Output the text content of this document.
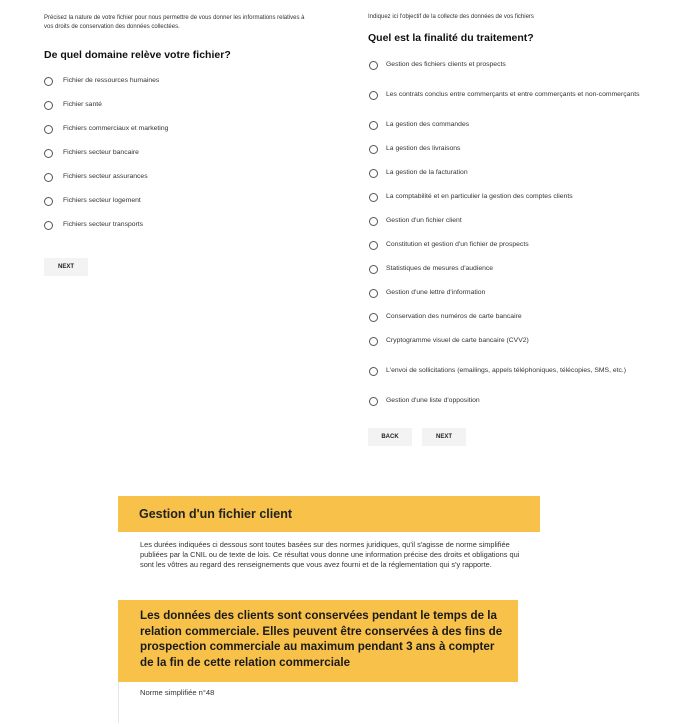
Précisez la nature de votre fichier pour nous permettre de vous donner les informations relatives à vos droits de conservation des données collectées.

De quel domaine relève votre fichier?
Fichier de ressources humaines
Fichier santé
Fichiers commerciaux et marketing
Fichiers secteur bancaire
Fichiers secteur assurances
Fichiers secteur logement
Fichiers secteur transports
NEXT

Indiquez ici l'objectif de la collecte des données de vos fichiers

Quel est la finalité du traitement?
Gestion des fichiers clients et prospects
Les contrats conclus entre commerçants et entre commerçants et non-commerçants
La gestion des commandes
La gestion des livraisons
La gestion de la facturation
La comptabilité et en particulier la gestion des comptes clients
Gestion d'un fichier client
Constitution et gestion d'un fichier de prospects
Statistiques de mesures d'audience
Gestion d'une lettre d'information
Conservation des numéros de carte bancaire
Cryptogramme visuel de carte bancaire (CVV2)
L'envoi de sollicitations (emailings, appels téléphoniques, télécopies, SMS, etc.)
Gestion d'une liste d'opposition
BACK	NEXT
Gestion d'un fichier client

Les durées indiquées ci dessous sont toutes basées sur des normes juridiques, qu'il s'agisse de norme simplifiée publiées par la CNIL ou de texte de lois. Ce résultat vous donne une information précise des droits et obligations qui sont les vôtres au regard des renseignements que vous avez fourni et de la réglementation qui s'y rapporte.

Les données des clients sont conservées pendant le temps de la relation commerciale. Elles peuvent être conservées à des fins de prospection commerciale au maximum pendant 3 ans à compter de la fin de cette relation commerciale

Norme simplifiée n°48
